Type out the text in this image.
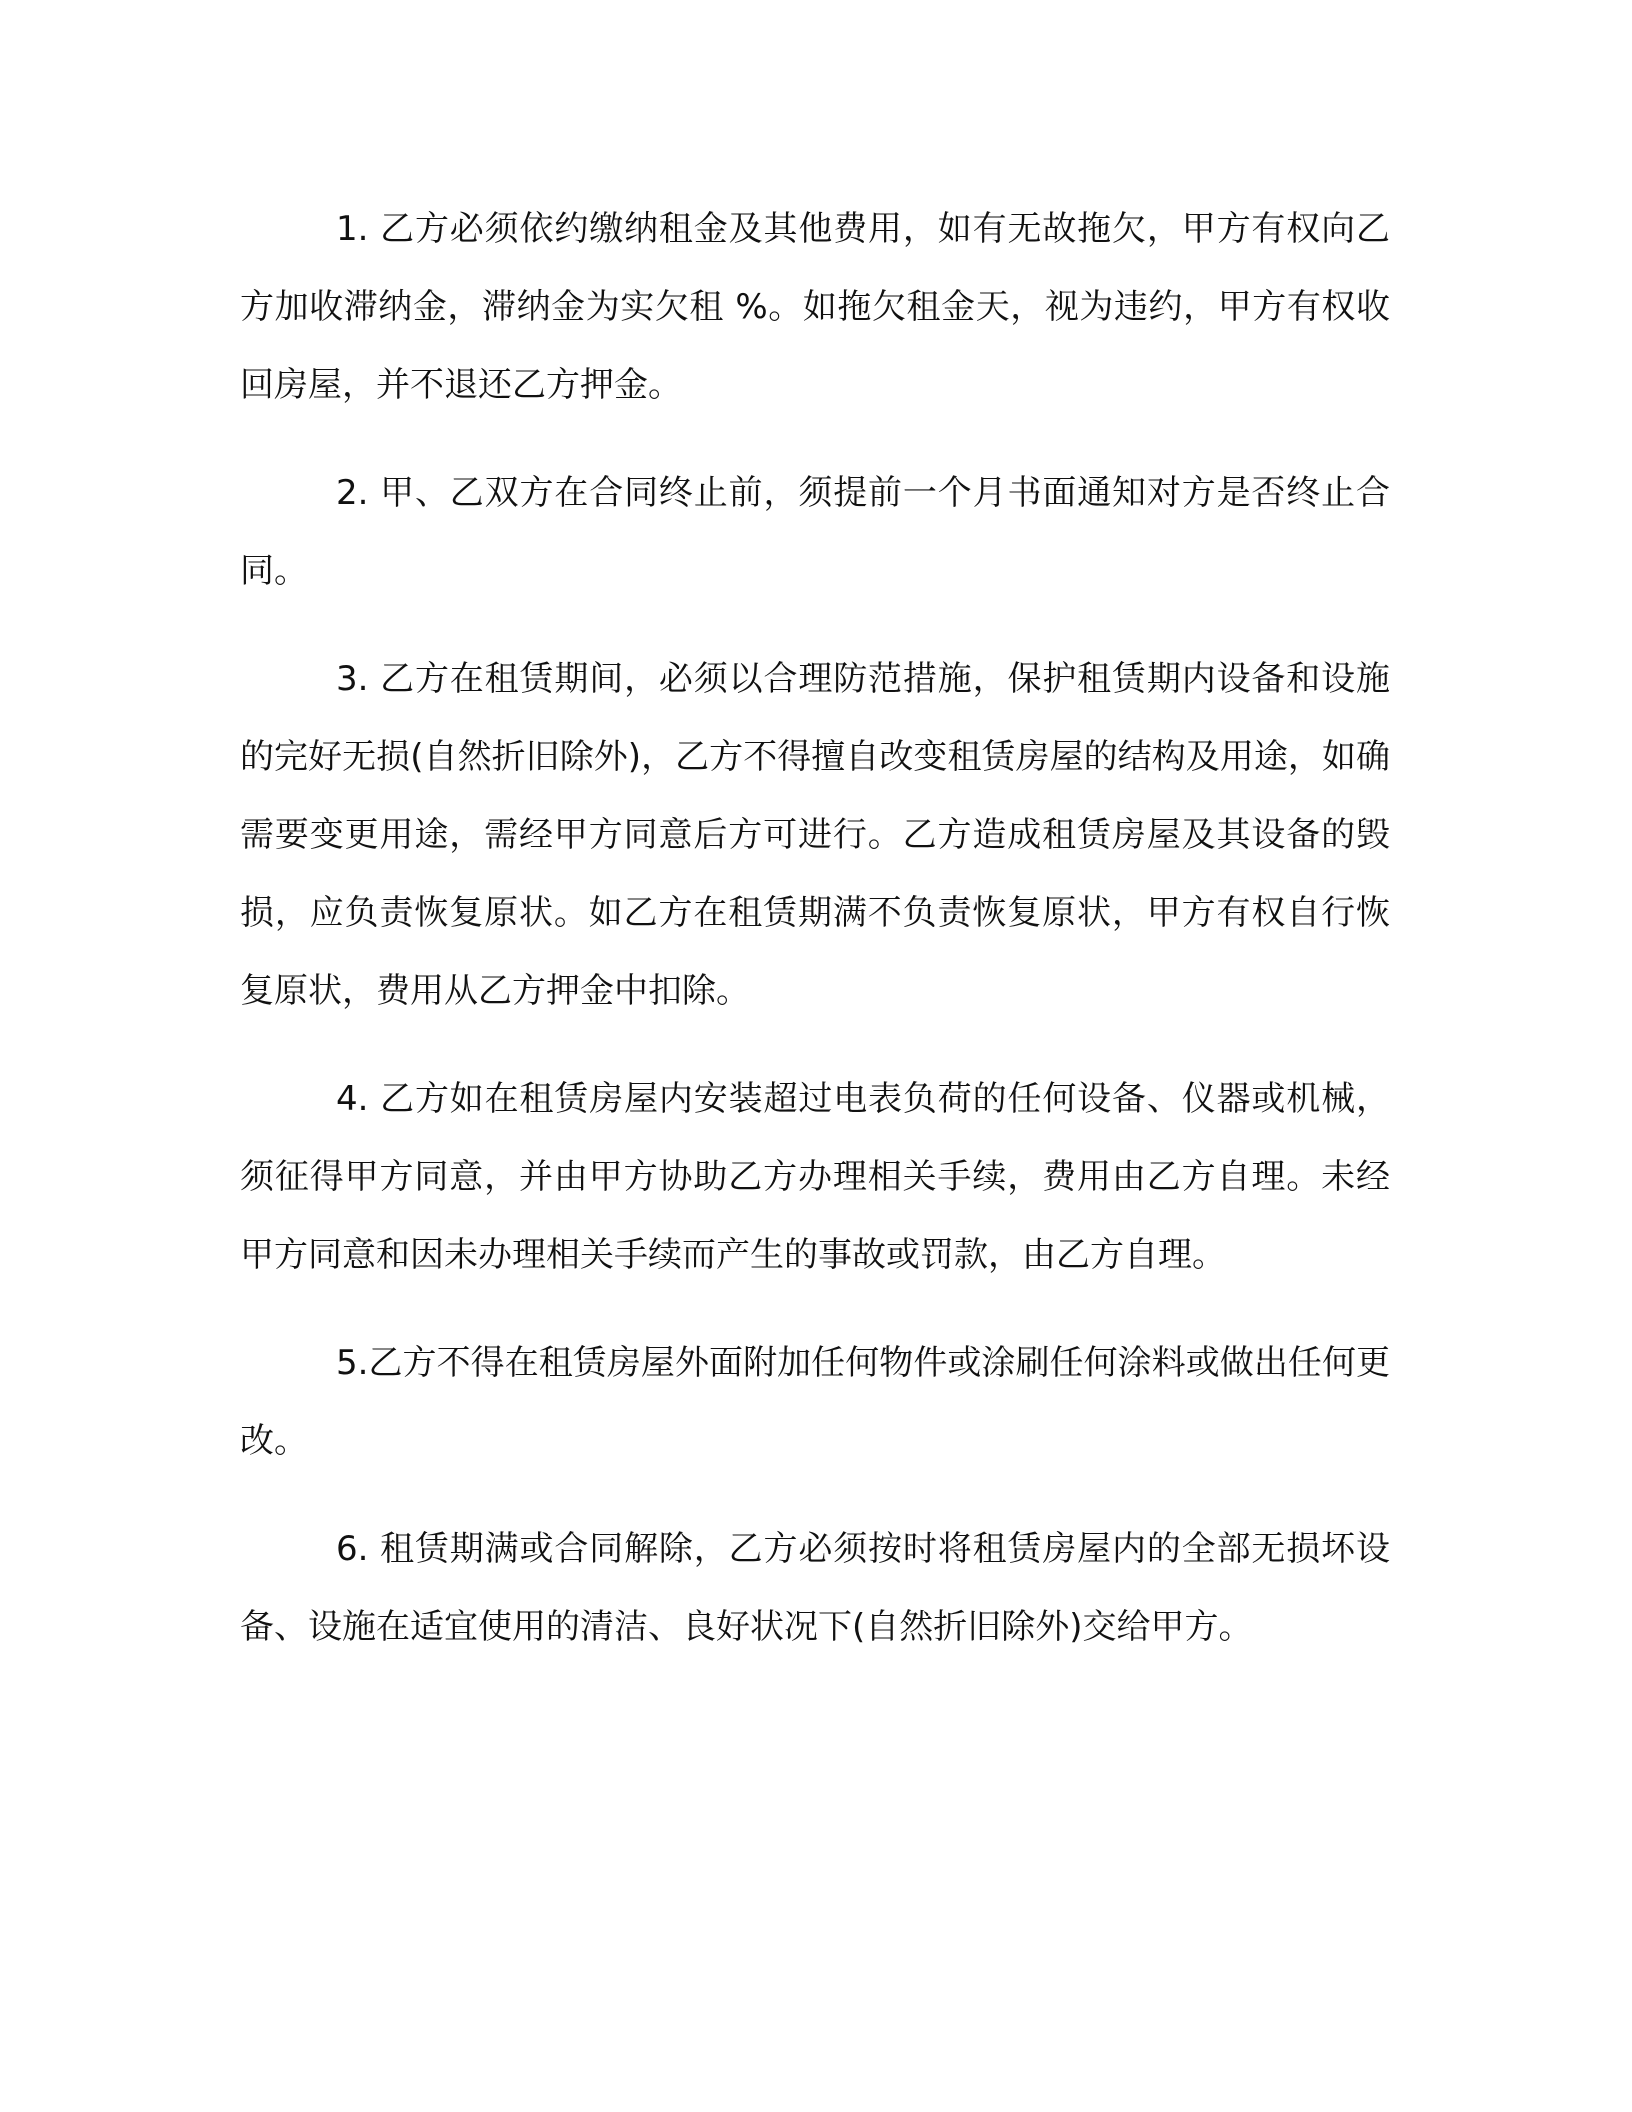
1. 乙方必须依约缴纳租金及其他费用，如有无故拖欠，甲方有权向乙方加收滞纳金，滞纳金为实欠租 %。如拖欠租金天，视为违约，甲方有权收回房屋，并不退还乙方押金。

2. 甲、乙双方在合同终止前，须提前一个月书面通知对方是否终止合同。

3. 乙方在租赁期间，必须以合理防范措施，保护租赁期内设备和设施的完好无损(自然折旧除外)，乙方不得擅自改变租赁房屋的结构及用途，如确需要变更用途，需经甲方同意后方可进行。乙方造成租赁房屋及其设备的毁损，应负责恢复原状。如乙方在租赁期满不负责恢复原状，甲方有权自行恢复原状，费用从乙方押金中扣除。

4. 乙方如在租赁房屋内安装超过电表负荷的任何设备、仪器或机械，须征得甲方同意，并由甲方协助乙方办理相关手续，费用由乙方自理。未经甲方同意和因未办理相关手续而产生的事故或罚款，由乙方自理。

5.乙方不得在租赁房屋外面附加任何物件或涂刷任何涂料或做出任何更改。

6. 租赁期满或合同解除，乙方必须按时将租赁房屋内的全部无损坏设备、设施在适宜使用的清洁、良好状况下(自然折旧除外)交给甲方。
